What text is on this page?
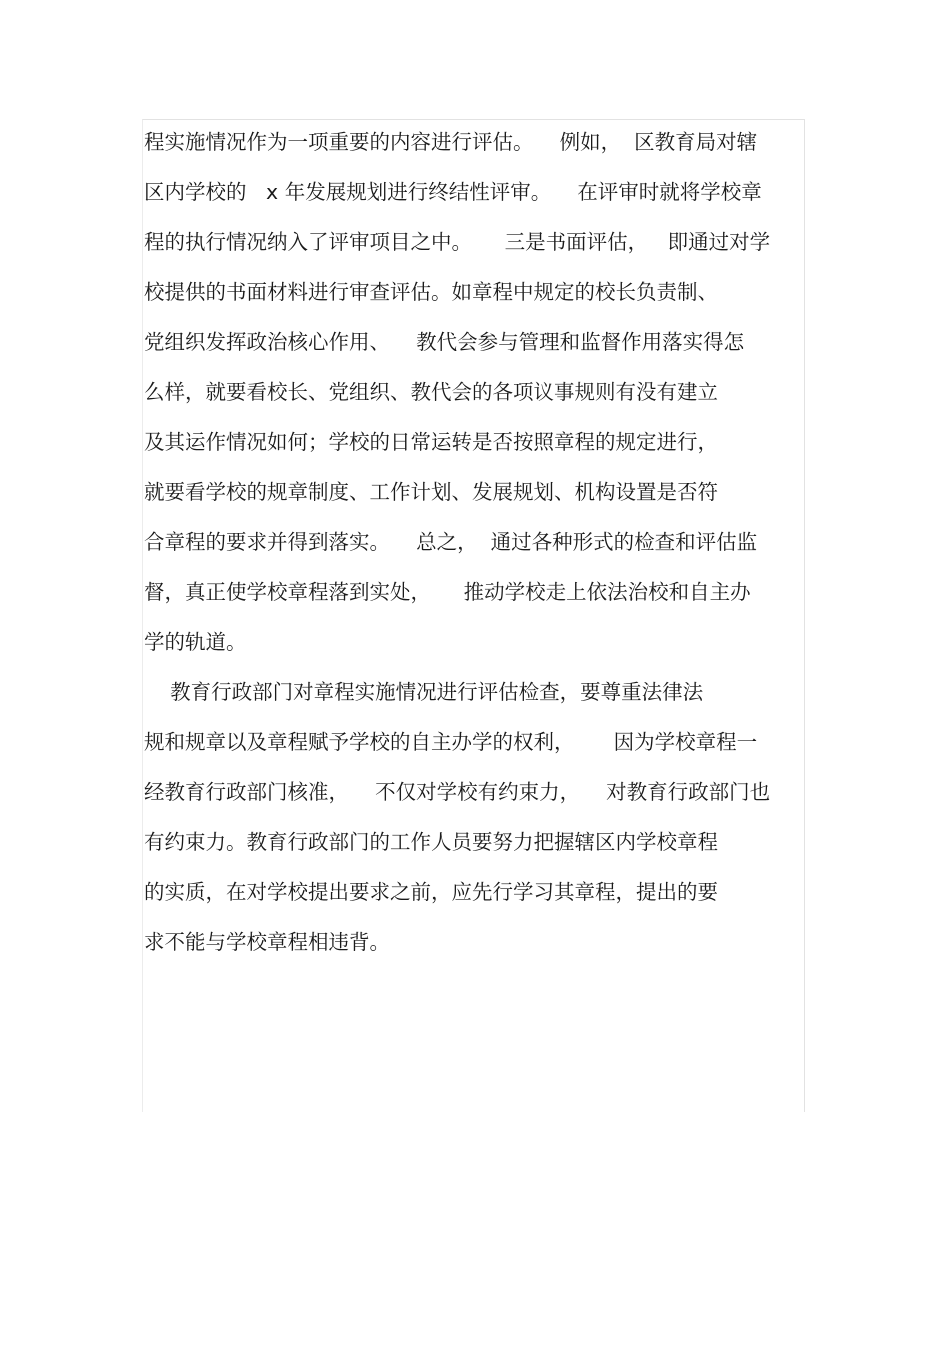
程实施情况作为一项重要的内容进行评估。    例如，  区教育局对辖
区内学校的   x 年发展规划进行终结性评审。    在评审时就将学校章
程的执行情况纳入了评审项目之中。     三是书面评估，   即通过对学
校提供的书面材料进行审查评估。如章程中规定的校长负责制、
党组织发挥政治核心作用、    教代会参与管理和监督作用落实得怎
么样，就要看校长、党组织、教代会的各项议事规则有没有建立
及其运作情况如何；学校的日常运转是否按照章程的规定进行，
就要看学校的规章制度、工作计划、发展规划、机构设置是否符
合章程的要求并得到落实。    总之，  通过各种形式的检查和评估监
督，真正使学校章程落到实处，     推动学校走上依法治校和自主办
学的轨道。
教育行政部门对章程实施情况进行评估检查，要尊重法律法
规和规章以及章程赋予学校的自主办学的权利，      因为学校章程一
经教育行政部门核准，    不仅对学校有约束力，    对教育行政部门也
有约束力。教育行政部门的工作人员要努力把握辖区内学校章程
的实质，在对学校提出要求之前，应先行学习其章程，提出的要
求不能与学校章程相违背。
